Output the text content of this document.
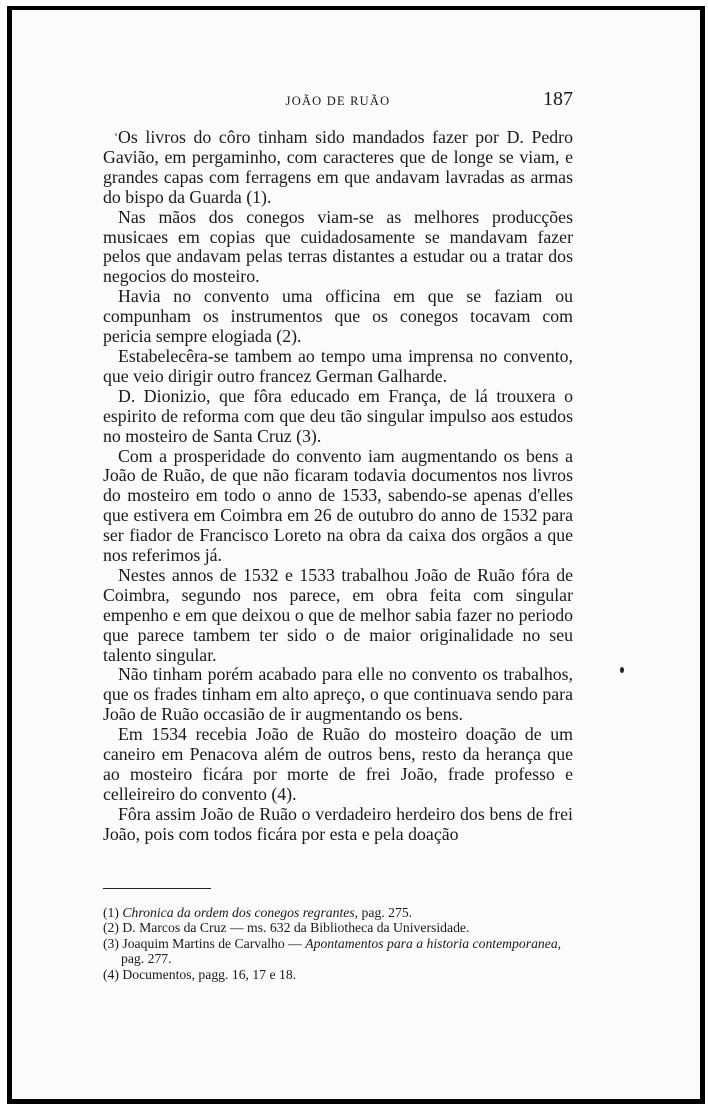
JOÃO DE RUÃO	187

Os livros do côro tinham sido mandados fazer por D. Pedro Gavião, em pergaminho, com caracteres que de longe se viam, e grandes capas com ferragens em que andavam lavradas as armas do bispo da Guarda (1).

Nas mãos dos conegos viam-se as melhores producções musicaes em copias que cuidadosamente se mandavam fazer pelos que andavam pelas terras distantes a estudar ou a tratar dos negocios do mosteiro.

Havia no convento uma officina em que se faziam ou compunham os instrumentos que os conegos tocavam com pericia sempre elogiada (2).

Estabelecêra-se tambem ao tempo uma imprensa no convento, que veio dirigir outro francez German Galharde.

D. Dionizio, que fôra educado em França, de lá trouxera o espirito de reforma com que deu tão singular impulso aos estudos no mosteiro de Santa Cruz (3).

Com a prosperidade do convento iam augmentando os bens a João de Ruão, de que não ficaram todavia documentos nos livros do mosteiro em todo o anno de 1533, sabendo-se apenas d'elles que estivera em Coimbra em 26 de outubro do anno de 1532 para ser fiador de Francisco Loreto na obra da caixa dos orgãos a que nos referimos já.

Nestes annos de 1532 e 1533 trabalhou João de Ruão fóra de Coimbra, segundo nos parece, em obra feita com singular empenho e em que deixou o que de melhor sabia fazer no periodo que parece tambem ter sido o de maior originalidade no seu talento singular.

Não tinham porém acabado para elle no convento os trabalhos, que os frades tinham em alto apreço, o que continuava sendo para João de Ruão occasião de ir augmentando os bens.

Em 1534 recebia João de Ruão do mosteiro doação de um caneiro em Penacova além de outros bens, resto da herança que ao mosteiro ficára por morte de frei João, frade professo e celleireiro do convento (4).

Fôra assim João de Ruão o verdadeiro herdeiro dos bens de frei João, pois com todos ficára por esta e pela doação

(1) Chronica da ordem dos conegos regrantes, pag. 275.

(2) D. Marcos da Cruz — ms. 632 da Bibliotheca da Universidade.

(3) Joaquim Martins de Carvalho — Apontamentos para a historia contemporanea, pag. 277.

(4) Documentos, pagg. 16, 17 e 18.
